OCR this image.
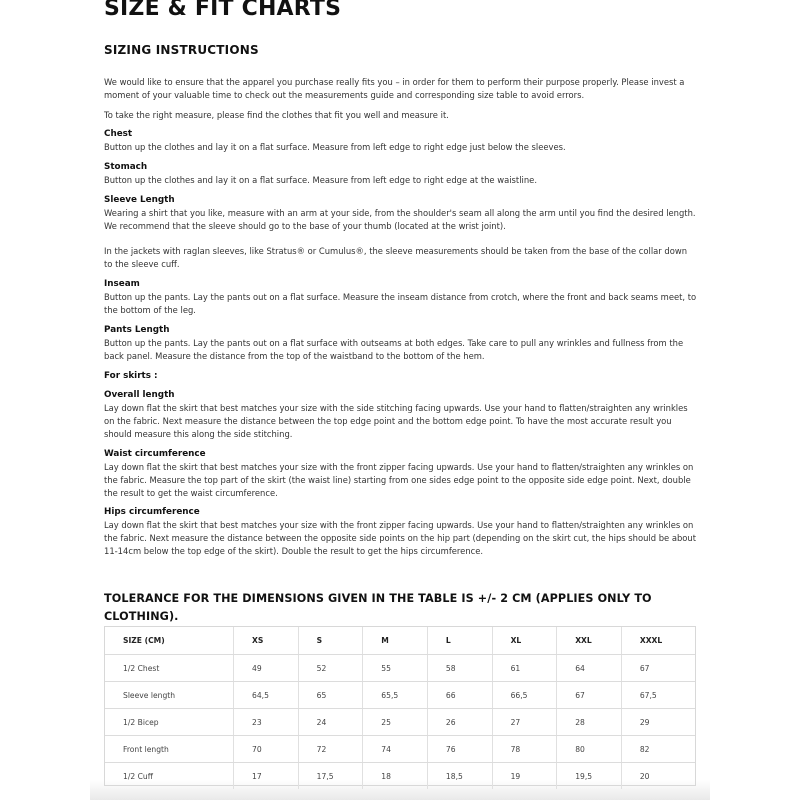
SIZE & FIT CHARTS
SIZING INSTRUCTIONS

We would like to ensure that the apparel you purchase really fits you – in order for them to perform their purpose properly. Please invest a moment of your valuable time to check out the measurements guide and corresponding size table to avoid errors.

To take the right measure, please find the clothes that fit you well and measure it.

Chest

Button up the clothes and lay it on a flat surface. Measure from left edge to right edge just below the sleeves.

Stomach

Button up the clothes and lay it on a flat surface. Measure from left edge to right edge at the waistline.

Sleeve Length

Wearing a shirt that you like, measure with an arm at your side, from the shoulder's seam all along the arm until you find the desired length. We recommend that the sleeve should go to the base of your thumb (located at the wrist joint).

In the jackets with raglan sleeves, like Stratus® or Cumulus®, the sleeve measurements should be taken from the base of the collar down to the sleeve cuff.

Inseam

Button up the pants. Lay the pants out on a flat surface. Measure the inseam distance from crotch, where the front and back seams meet, to the bottom of the leg.

Pants Length

Button up the pants. Lay the pants out on a flat surface with outseams at both edges. Take care to pull any wrinkles and fullness from the back panel. Measure the distance from the top of the waistband to the bottom of the hem.

For skirts :

Overall length

Lay down flat the skirt that best matches your size with the side stitching facing upwards. Use your hand to flatten/straighten any wrinkles on the fabric. Next measure the distance between the top edge point and the bottom edge point. To have the most accurate result you should measure this along the side stitching.

Waist circumference

Lay down flat the skirt that best matches your size with the front zipper facing upwards. Use your hand to flatten/straighten any wrinkles on the fabric. Measure the top part of the skirt (the waist line) starting from one sides edge point to the opposite side edge point. Next, double the result to get the waist circumference.

Hips circumference

Lay down flat the skirt that best matches your size with the front zipper facing upwards. Use your hand to flatten/straighten any wrinkles on the fabric. Next measure the distance between the opposite side points on the hip part (depending on the skirt cut, the hips should be about 11-14cm below the top edge of the skirt). Double the result to get the hips circumference.

TOLERANCE FOR THE DIMENSIONS GIVEN IN THE TABLE IS +/- 2 CM (APPLIES ONLY TO CLOTHING).
SIZE (CM)	XS	S	M	L	XL	XXL	XXXL
1/2 Chest	49	52	55	58	61	64	67
Sleeve length	64,5	65	65,5	66	66,5	67	67,5
1/2 Bicep	23	24	25	26	27	28	29
Front length	70	72	74	76	78	80	82
1/2 Cuff	17	17,5	18	18,5	19	19,5	20
